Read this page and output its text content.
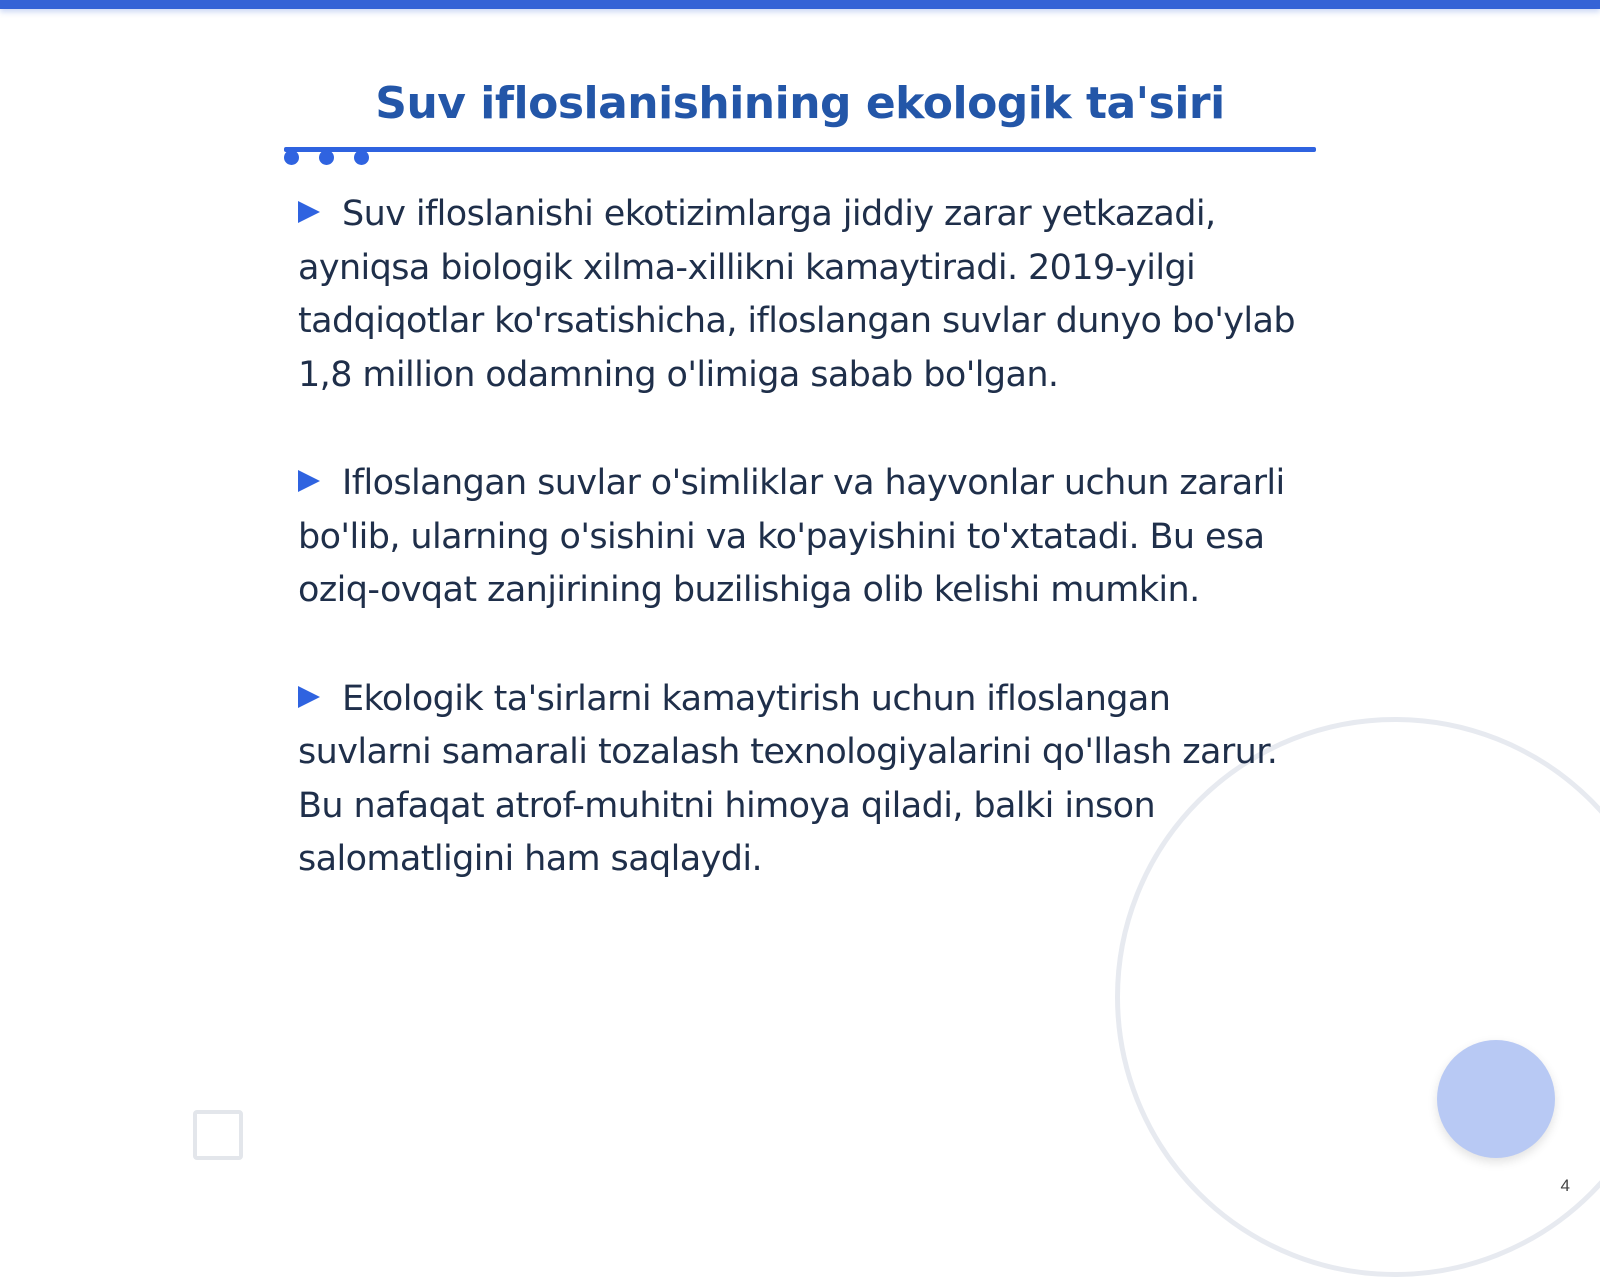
Suv ifloslanishining ekologik ta'siri

Suv ifloslanishi ekotizimlarga jiddiy zarar yetkazadi, ayniqsa biologik xilma-xillikni kamaytiradi. 2019-yilgi tadqiqotlar ko'rsatishicha, ifloslangan suvlar dunyo bo'ylab 1,8 million odamning o'limiga sabab bo'lgan.

Ifloslangan suvlar o'simliklar va hayvonlar uchun zararli bo'lib, ularning o'sishini va ko'payishini to'xtatadi. Bu esa oziq-ovqat zanjirining buzilishiga olib kelishi mumkin.

Ekologik ta'sirlarni kamaytirish uchun ifloslangan suvlarni samarali tozalash texnologiyalarini qo'llash zarur. Bu nafaqat atrof-muhitni himoya qiladi, balki inson salomatligini ham saqlaydi.

4
